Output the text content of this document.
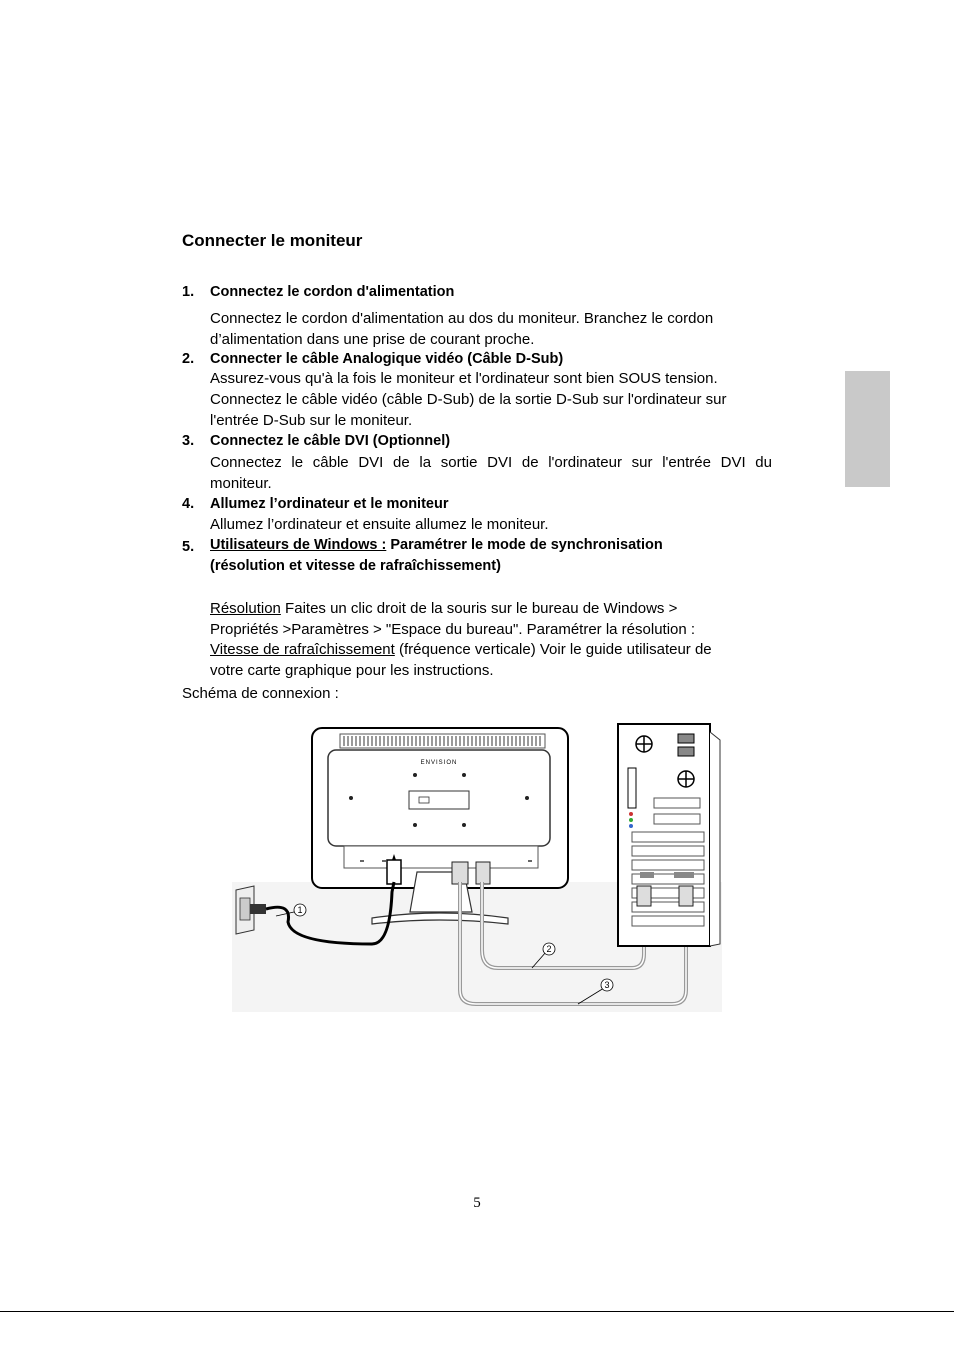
Connecter le moniteur
1. Connectez le cordon d'alimentation
Connectez le cordon d'alimentation au dos du moniteur. Branchez le cordon
d’alimentation dans une prise de courant proche.
2. Connecter le câble Analogique vidéo (Câble D-Sub)
Assurez-vous qu'à la fois le moniteur et l'ordinateur sont bien SOUS tension.
Connectez le câble vidéo (câble D-Sub) de la sortie D-Sub sur l'ordinateur sur
l'entrée D-Sub sur le moniteur.
3. Connectez le câble DVI (Optionnel)
Connectez le câble DVI de la sortie DVI de l'ordinateur sur l'entrée DVI du
moniteur.
4. Allumez l’ordinateur et le moniteur
Allumez l’ordinateur et ensuite allumez le moniteur.
5. Utilisateurs de Windows : Paramétrer le mode de synchronisation
(résolution et vitesse de rafraîchissement)
Résolution Faites un clic droit de la souris sur le bureau de Windows >
Propriétés >Paramètres > "Espace du bureau". Paramétrer la résolution :
Vitesse de rafraîchissement (fréquence verticale) Voir le guide utilisateur de
votre carte graphique pour les instructions.
Schéma de connexion :
ENVISION
1
2
3
5
